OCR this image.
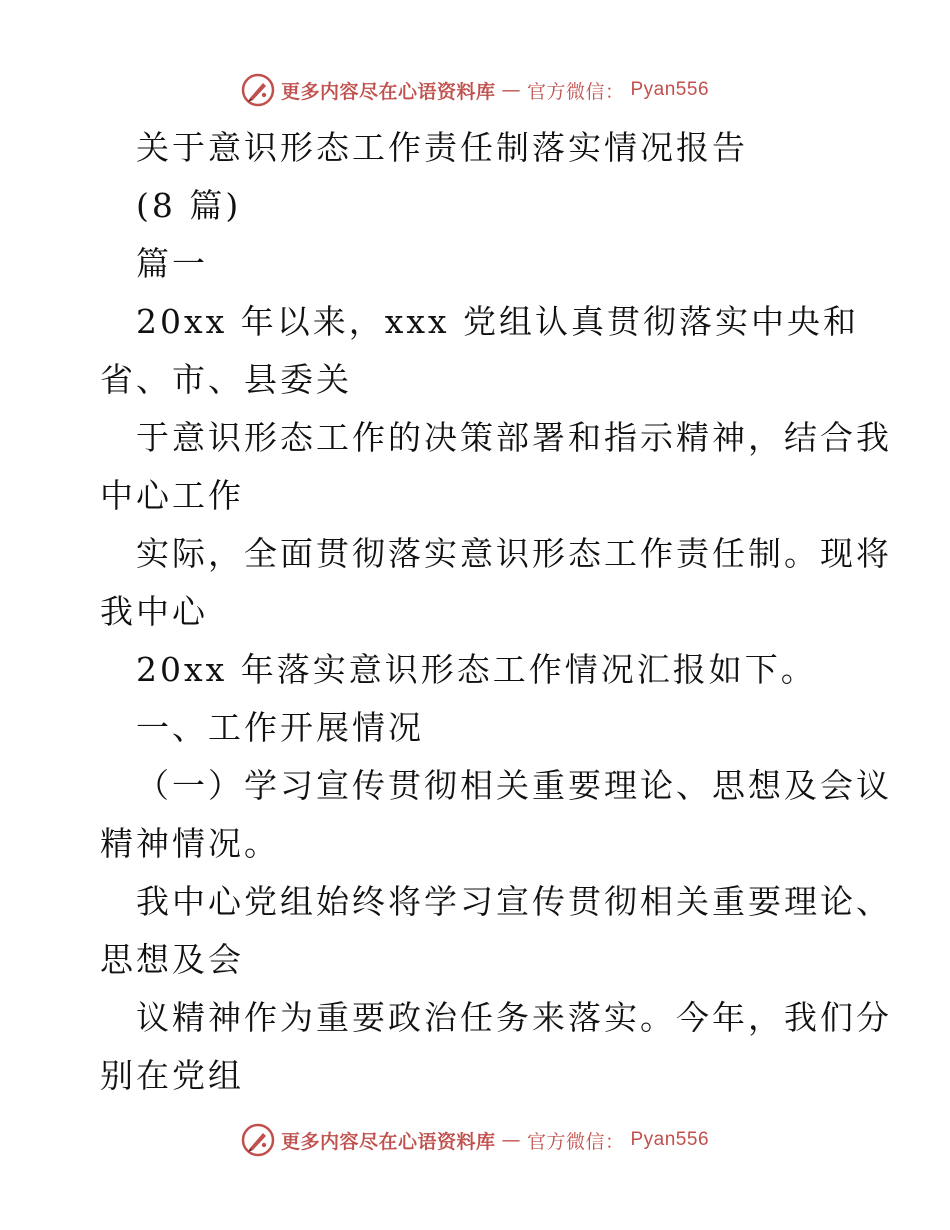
更多内容尽在心语资料库 — 官方微信： Pyan556
关于意识形态工作责任制落实情况报告
(8 篇)
篇一
20xx 年以来，xxx 党组认真贯彻落实中央和
省、市、县委关
于意识形态工作的决策部署和指示精神，结合我
中心工作
实际，全面贯彻落实意识形态工作责任制。现将
我中心
20xx 年落实意识形态工作情况汇报如下。
一、工作开展情况
（一）学习宣传贯彻相关重要理论、思想及会议
精神情况。
我中心党组始终将学习宣传贯彻相关重要理论、
思想及会
议精神作为重要政治任务来落实。今年，我们分
别在党组
更多内容尽在心语资料库 — 官方微信： Pyan556
